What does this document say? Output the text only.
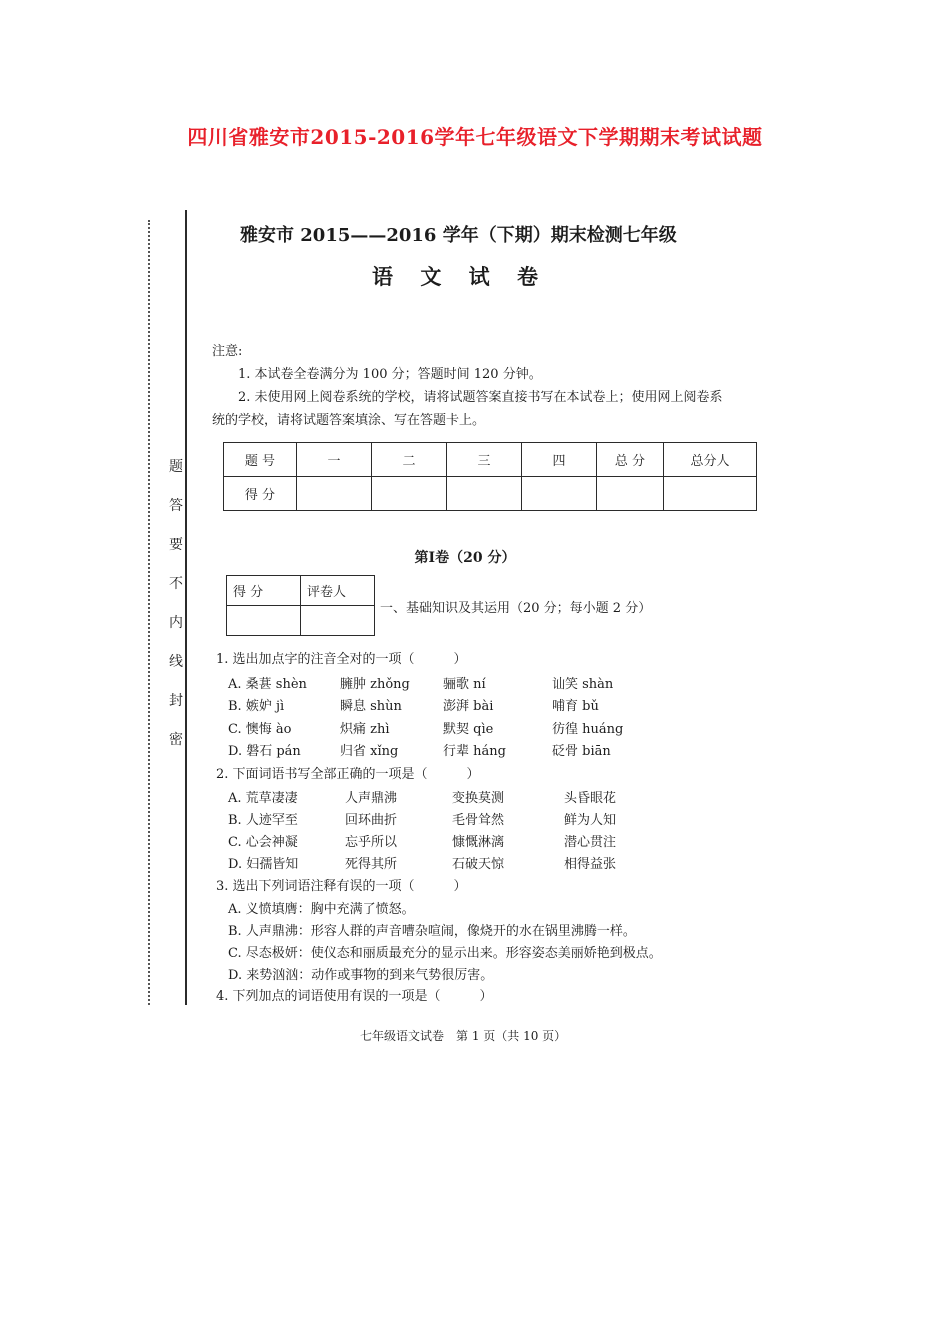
四川省雅安市2015-2016学年七年级语文下学期期末考试试题
题
答
要
不
内
线
封
密
雅安市 2015——2016 学年（下期）期末检测七年级
语 文 试 卷
注意:
1. 本试卷全卷满分为 100 分；答题时间 120 分钟。
2. 未使用网上阅卷系统的学校，请将试题答案直接书写在本试卷上；使用网上阅卷系
统的学校，请将试题答案填涂、写在答题卡上。
题 号	一	二	三	四	总 分	总分人
得 分						
第Ⅰ卷（20 分）
得 分	评卷人

一、基础知识及其运用（20 分；每小题 2 分）
1. 选出加点字的注音全对的一项（　　　）
A. 桑葚 shèn	臃肿 zhǒng	骊歌 ní	讪笑 shàn
B. 嫉妒 jì	瞬息 shùn	澎湃 bài	哺育 bǔ
C. 懊悔 ào	炽痛 zhì	默契 qìe	彷徨 huáng
D. 磐石 pán	归省 xǐng	行辈 háng	砭骨 biān
2. 下面词语书写全部正确的一项是（　　　）
A. 荒草凄凄	人声鼎沸	变换莫测	头昏眼花
B. 人迹罕至	回环曲折	毛骨耸然	鲜为人知
C. 心会神凝	忘乎所以	慷慨淋漓	潜心贯注
D. 妇孺皆知	死得其所	石破天惊	相得益张
3. 选出下列词语注释有误的一项（　　　）
A. 义愤填膺：胸中充满了愤怒。
B. 人声鼎沸：形容人群的声音嘈杂喧闹，像烧开的水在锅里沸腾一样。
C. 尽态极妍：使仪态和丽质最充分的显示出来。形容姿态美丽娇艳到极点。
D. 来势汹汹：动作或事物的到来气势很厉害。
4. 下列加点的词语使用有误的一项是（　　　）
七年级语文试卷　第 1 页（共 10 页）
